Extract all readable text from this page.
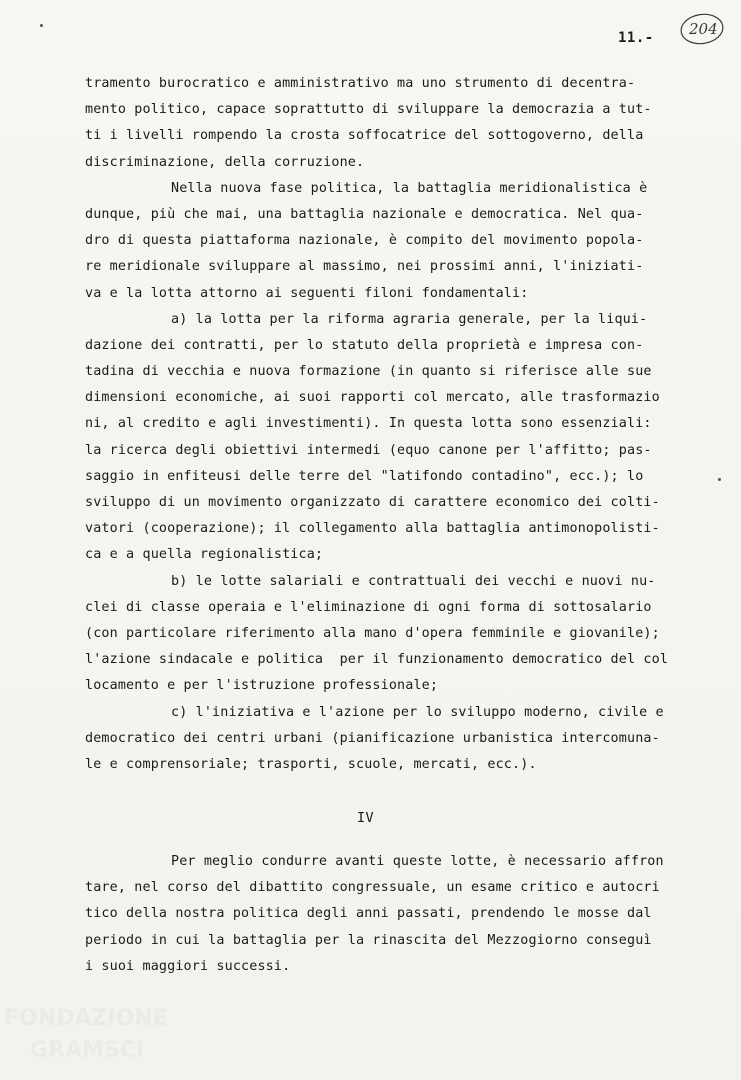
11.- 204
tramento burocratico e amministrativo ma uno strumento di decentra-
mento politico, capace soprattutto di sviluppare la democrazia a tut-
ti i livelli rompendo la crosta soffocatrice del sottogoverno, della
discriminazione, della corruzione.
Nella nuova fase politica, la battaglia meridionalistica è
dunque, più che mai, una battaglia nazionale e democratica. Nel qua-
dro di questa piattaforma nazionale, è compito del movimento popola-
re meridionale sviluppare al massimo, nei prossimi anni, l'iniziati-
va e la lotta attorno ai seguenti filoni fondamentali:
a) la lotta per la riforma agraria generale, per la liqui-
dazione dei contratti, per lo statuto della proprietà e impresa con-
tadina di vecchia e nuova formazione (in quanto si riferisce alle sue
dimensioni economiche, ai suoi rapporti col mercato, alle trasformazio
ni, al credito e agli investimenti). In questa lotta sono essenziali:
la ricerca degli obiettivi intermedi (equo canone per l'affitto; pas-
saggio in enfiteusi delle terre del "latifondo contadino", ecc.); lo
sviluppo di un movimento organizzato di carattere economico dei colti-
vatori (cooperazione); il collegamento alla battaglia antimonopolisti-
ca e a quella regionalistica;
b) le lotte salariali e contrattuali dei vecchi e nuovi nu-
clei di classe operaia e l'eliminazione di ogni forma di sottosalario
(con particolare riferimento alla mano d'opera femminile e giovanile);
l'azione sindacale e politica  per il funzionamento democratico del col
locamento e per l'istruzione professionale;
c) l'iniziativa e l'azione per lo sviluppo moderno, civile e
democratico dei centri urbani (pianificazione urbanistica intercomuna-
le e comprensoriale; trasporti, scuole, mercati, ecc.).
IV
Per meglio condurre avanti queste lotte, è necessario affron
tare, nel corso del dibattito congressuale, un esame critico e autocri
tico della nostra politica degli anni passati, prendendo le mosse dal
periodo in cui la battaglia per la rinascita del Mezzogiorno conseguì
i suoi maggiori successi.
FONDAZIONE
GRAMSCI
